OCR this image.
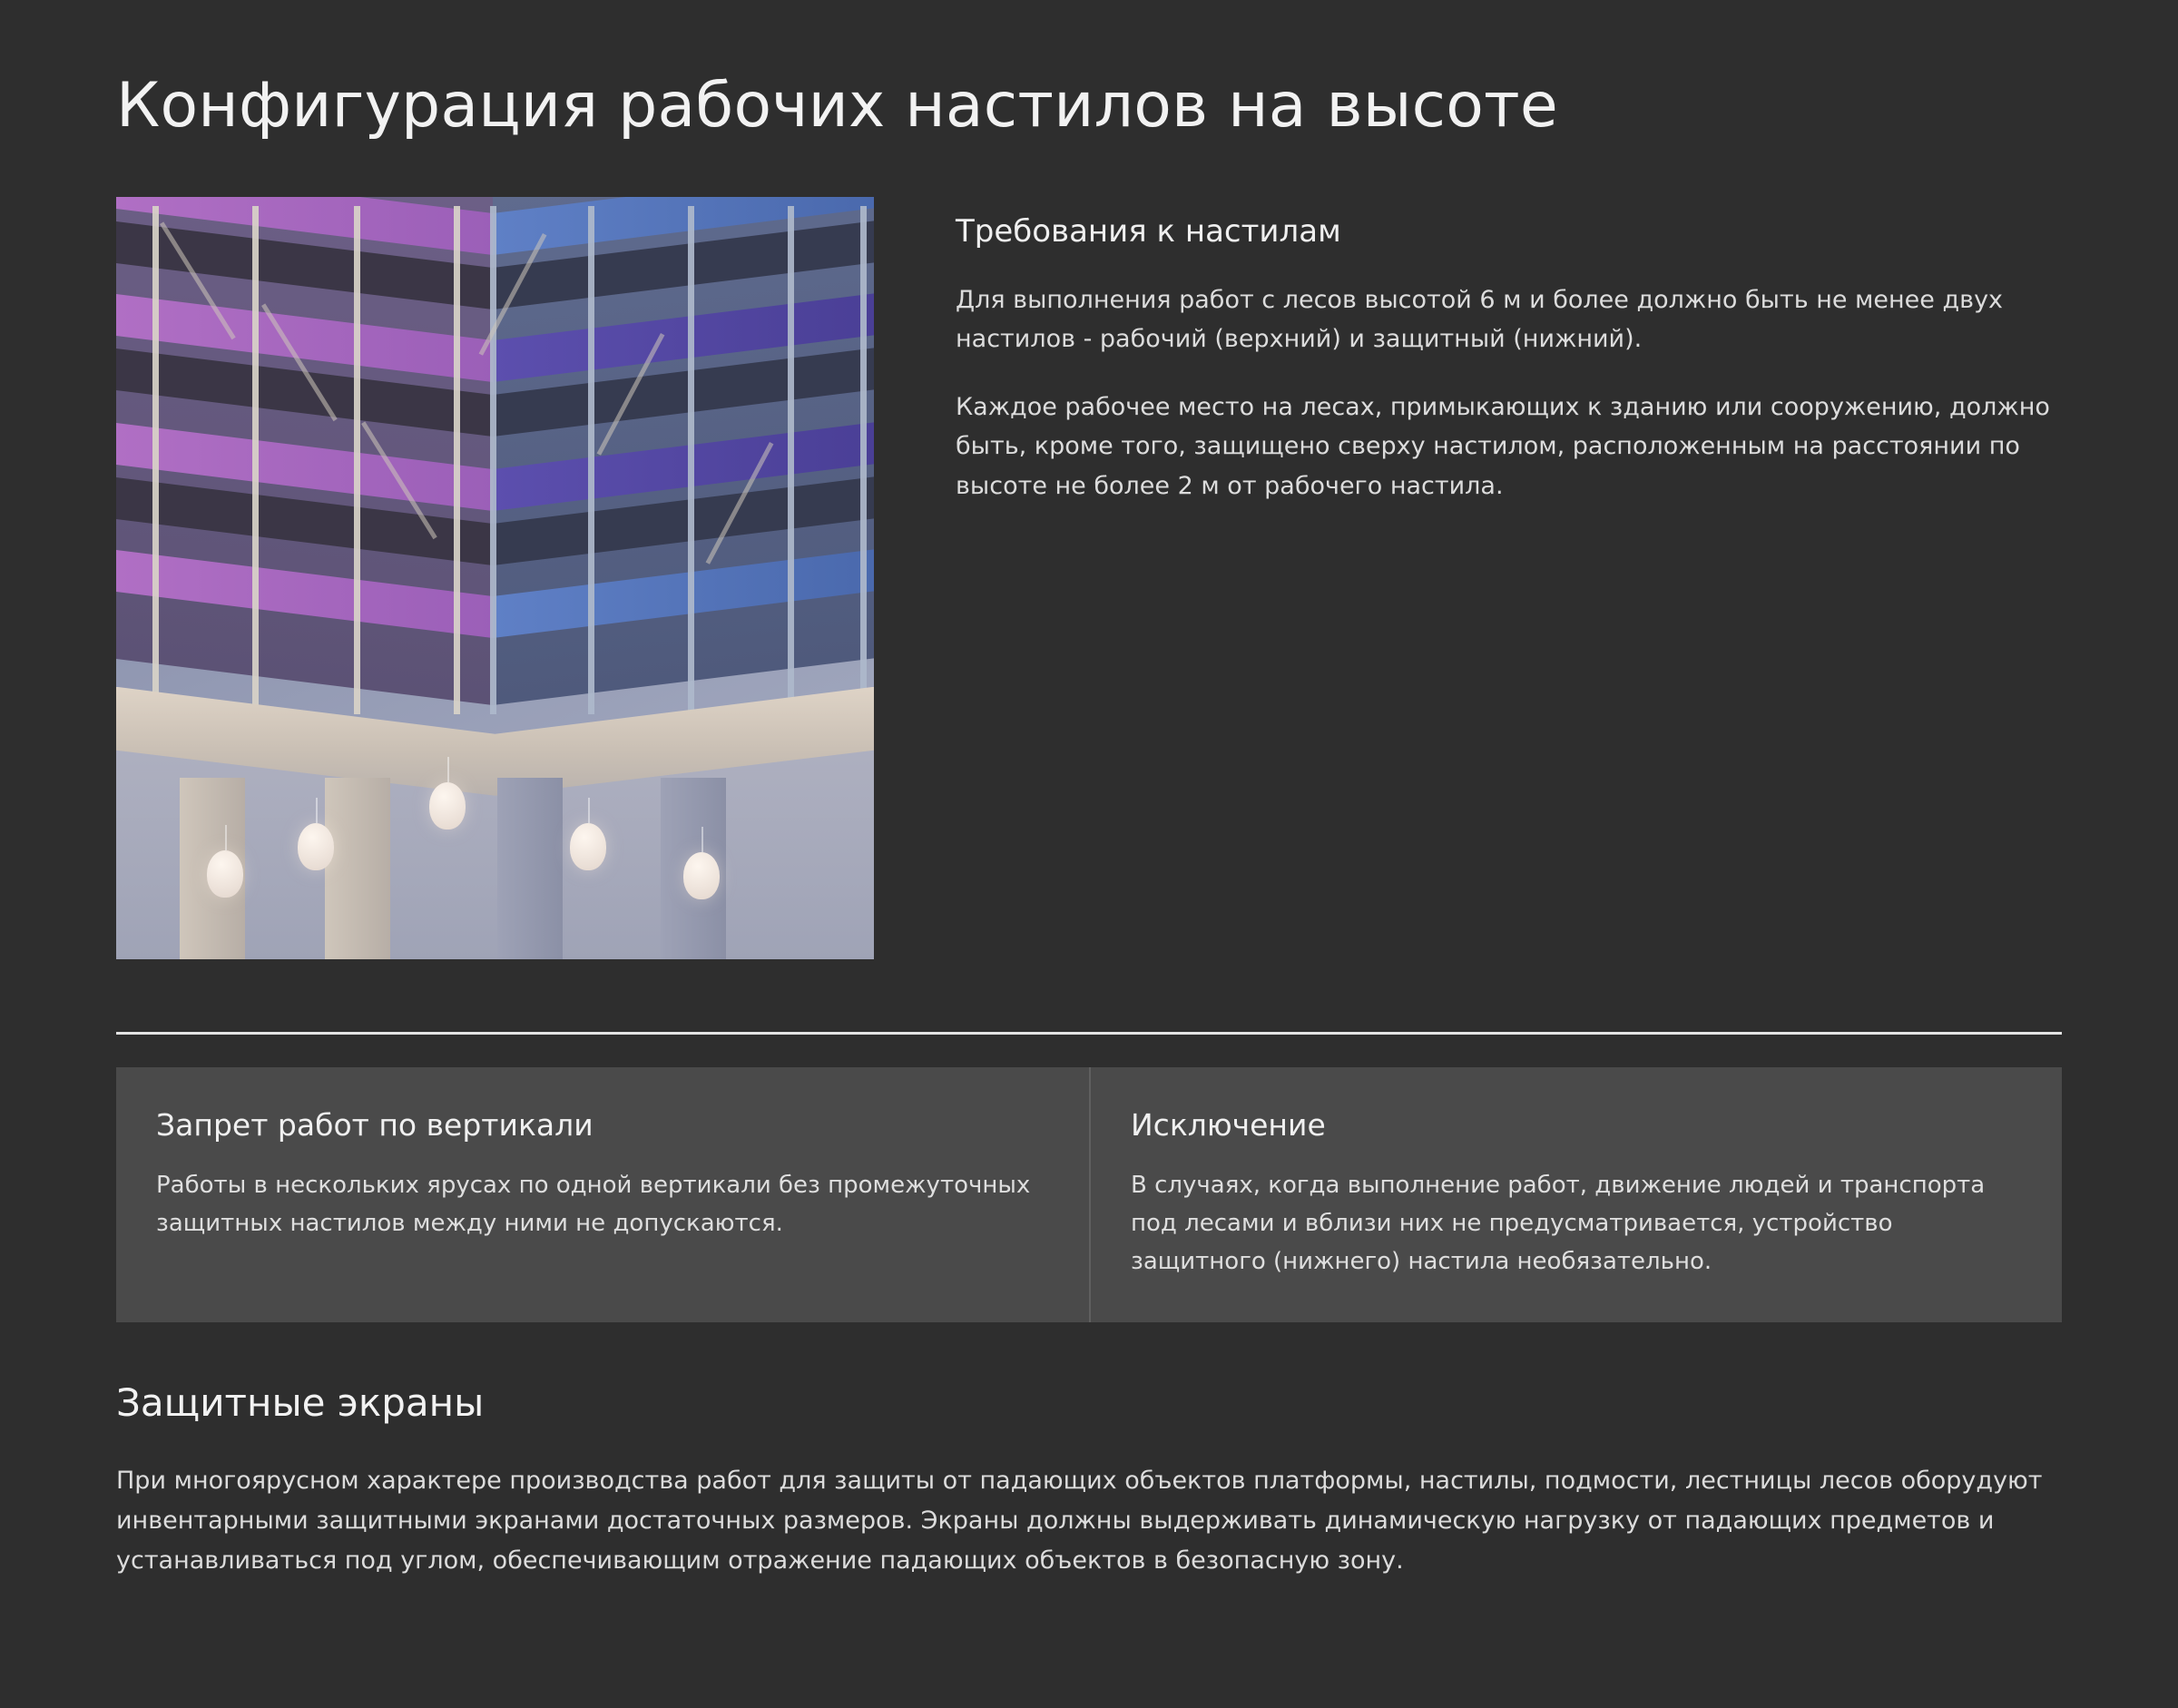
Конфигурация рабочих настилов на высоте
Требования к настилам

Для выполнения работ с лесов высотой 6 м и более должно быть не менее двух настилов - рабочий (верхний) и защитный (нижний).

Каждое рабочее место на лесах, примыкающих к зданию или сооружению, должно быть, кроме того, защищено сверху настилом, расположенным на расстоянии по высоте не более 2 м от рабочего настила.

Запрет работ по вертикали

Работы в нескольких ярусах по одной вертикали без промежуточных защитных настилов между ними не допускаются.

Исключение

В случаях, когда выполнение работ, движение людей и транспорта под лесами и вблизи них не предусматривается, устройство защитного (нижнего) настила необязательно.

Защитные экраны

При многоярусном характере производства работ для защиты от падающих объектов платформы, настилы, подмости, лестницы лесов оборудуют инвентарными защитными экранами достаточных размеров. Экраны должны выдерживать динамическую нагрузку от падающих предметов и устанавливаться под углом, обеспечивающим отражение падающих объектов в безопасную зону.
